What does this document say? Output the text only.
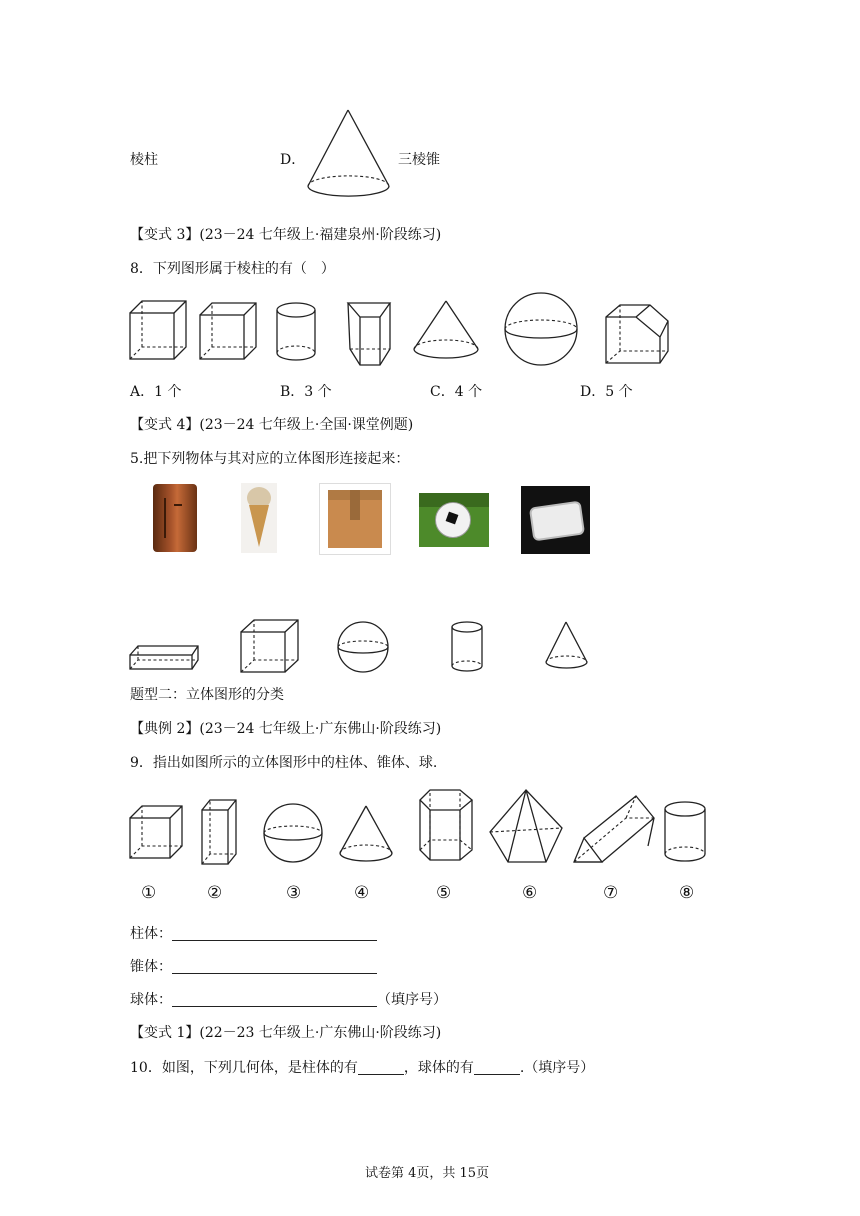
棱柱	D．	三棱锥
【变式 3】(23－24 七年级上·福建泉州·阶段练习)
8．下列图形属于棱柱的有（　）
A．1 个	B．3 个	C．4 个	D．5 个
【变式 4】(23－24 七年级上·全国·课堂例题)
5.把下列物体与其对应的立体图形连接起来：
题型二：立体图形的分类
【典例 2】(23－24 七年级上·广东佛山·阶段练习)
9．指出如图所示的立体图形中的柱体、锥体、球.
①	②	③	④	⑤	⑥	⑦	⑧
柱体：
锥体：
球体：	（填序号）
【变式 1】(22－23 七年级上·广东佛山·阶段练习)
10．如图，下列几何体，是柱体的有	，球体的有	.（填序号）
试卷第 4页，共 15页
